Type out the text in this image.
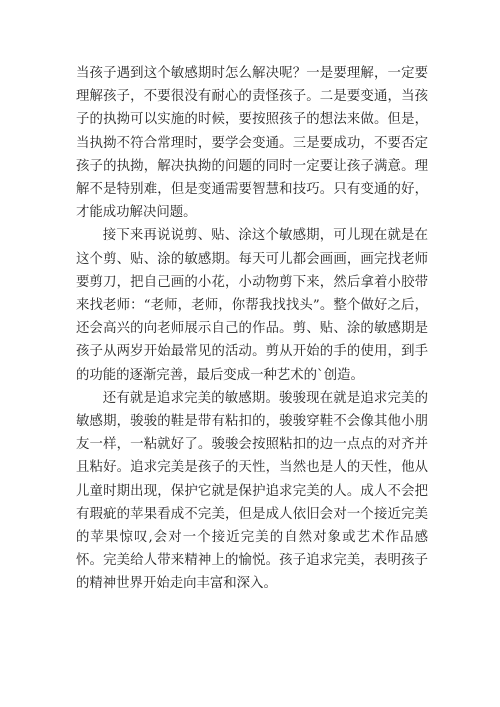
当孩子遇到这个敏感期时怎么解决呢？一是要理解，一定要理解孩子，不要很没有耐心的责怪孩子。二是要变通，当孩子的执拗可以实施的时候，要按照孩子的想法来做。但是，当执拗不符合常理时，要学会变通。三是要成功，不要否定孩子的执拗，解决执拗的问题的同时一定要让孩子满意。理解不是特别难，但是变通需要智慧和技巧。只有变通的好，才能成功解决问题。

接下来再说说剪、贴、涂这个敏感期，可儿现在就是在这个剪、贴、涂的敏感期。每天可儿都会画画，画完找老师要剪刀，把自己画的小花，小动物剪下来，然后拿着小胶带来找老师：“老师，老师，你帮我找找头”。整个做好之后，还会高兴的向老师展示自己的作品。剪、贴、涂的敏感期是孩子从两岁开始最常见的活动。剪从开始的手的使用，到手的功能的逐渐完善，最后变成一种艺术的`创造。

还有就是追求完美的敏感期。骏骏现在就是追求完美的敏感期，骏骏的鞋是带有粘扣的，骏骏穿鞋不会像其他小朋友一样，一粘就好了。骏骏会按照粘扣的边一点点的对齐并且粘好。追求完美是孩子的天性，当然也是人的天性，他从儿童时期出现，保护它就是保护追求完美的人。成人不会把有瑕疵的苹果看成不完美，但是成人依旧会对一个接近完美的苹果惊叹,会对一个接近完美的自然对象或艺术作品感怀。完美给人带来精神上的愉悦。孩子追求完美，表明孩子的精神世界开始走向丰富和深入。
